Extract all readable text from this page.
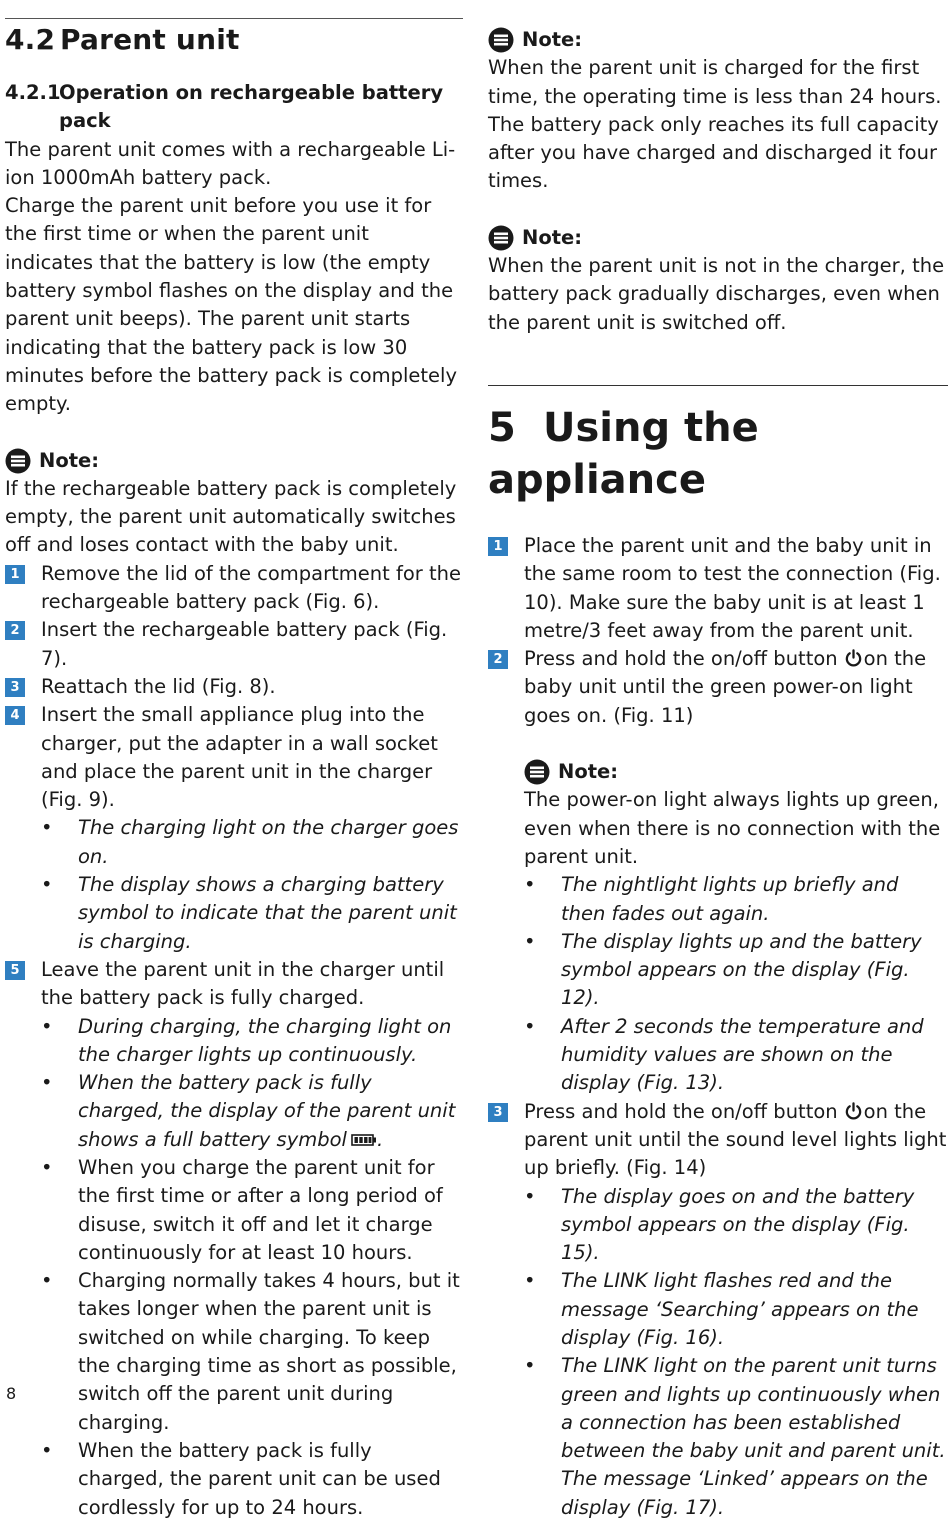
4.2 Parent unit
4.2.1Operation on rechargeable battery pack

The parent unit comes with a rechargeable Li-ion 1000mAh battery pack.

Charge the parent unit before you use it for the first time or when the parent unit indicates that the battery is low (the empty battery symbol flashes on the display and the parent unit beeps). The parent unit starts indicating that the battery pack is low 30 minutes before the battery pack is completely empty.

Note:

If the rechargeable battery pack is completely empty, the parent unit automatically switches off and loses contact with the baby unit.

1 Remove the lid of the compartment for the rechargeable battery pack (Fig. 6).
2 Insert the rechargeable battery pack (Fig. 7).
3 Reattach the lid (Fig. 8).
4 Insert the small appliance plug into the charger, put the adapter in a wall socket and place the parent unit in the charger (Fig. 9).
•	The charging light on the charger goes on.
•	The display shows a charging battery symbol to indicate that the parent unit is charging.
5 Leave the parent unit in the charger until the battery pack is fully charged.
•	During charging, the charging light on the charger lights up continuously.
•	When the battery pack is fully charged, the display of the parent unit shows a full battery symbol .
•	When you charge the parent unit for the first time or after a long period of disuse, switch it off and let it charge continuously for at least 10 hours.
•	Charging normally takes 4 hours, but it takes longer when the parent unit is switched on while charging. To keep the charging time as short as possible, switch off the parent unit during charging.
•	When the battery pack is fully charged, the parent unit can be used cordlessly for up to 24 hours.
Note:

When the parent unit is charged for the first time, the operating time is less than 24 hours. The battery pack only reaches its full capacity after you have charged and discharged it four times.

Note:

When the parent unit is not in the charger, the battery pack gradually discharges, even when the parent unit is switched off.

5 Using the appliance
1 Place the parent unit and the baby unit in the same room to test the connection (Fig. 10). Make sure the baby unit is at least 1 metre/3 feet away from the parent unit.
2 Press and hold the on/off button on the baby unit until the green power-on light goes on. (Fig. 11)
Note:

The power-on light always lights up green, even when there is no connection with the parent unit.

•	The nightlight lights up briefly and then fades out again.
•	The display lights up and the battery symbol appears on the display (Fig. 12).
•	After 2 seconds the temperature and humidity values are shown on the display (Fig. 13).
3 Press and hold the on/off button on the parent unit until the sound level lights light up briefly. (Fig. 14)
•	The display goes on and the battery symbol appears on the display (Fig. 15).
•	The LINK light flashes red and the message ‘Searching’ appears on the display (Fig. 16).
•	The LINK light on the parent unit turns green and lights up continuously when a connection has been established between the baby unit and parent unit. The message ‘Linked’ appears on the display (Fig. 17).
8
